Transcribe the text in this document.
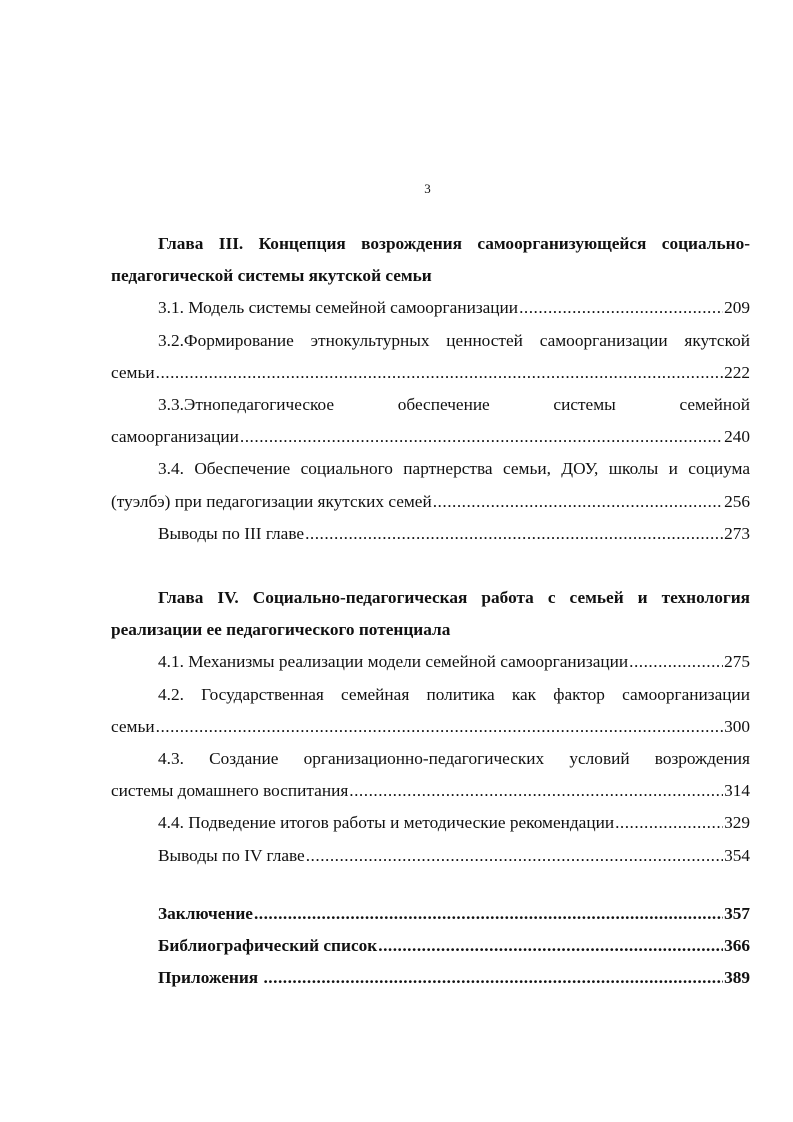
3

Глава III. Концепция возрождения самоорганизующейся социально-педагогической системы якутской семьи

3.1. Модель системы семейной самоорганизации .....	209

3.2.Формирование этнокультурных ценностей самоорганизации якутской

семьи .....	222

3.3.Этнопедагогическое обеспечение системы семейной

самоорганизации .....	240

3.4. Обеспечение социального партнерства семьи, ДОУ, школы и социума

(туэлбэ) при педагогизации якутских семей .....	256
Выводы по III главе .....	273

Глава IV. Социально-педагогическая работа с семьей и технология реализации ее педагогического потенциала

4.1. Механизмы реализации модели семейной самоорганизации .....	275

4.2. Государственная семейная политика как фактор самоорганизации

семьи .....	300

4.3. Создание организационно-педагогических условий возрождения

системы домашнего воспитания .....	314
4.4. Подведение итогов работы и методические рекомендации .....	329
Выводы по IV главе .....	354
Заключение .....	357
Библиографический список .....	366
Приложения .....	389
